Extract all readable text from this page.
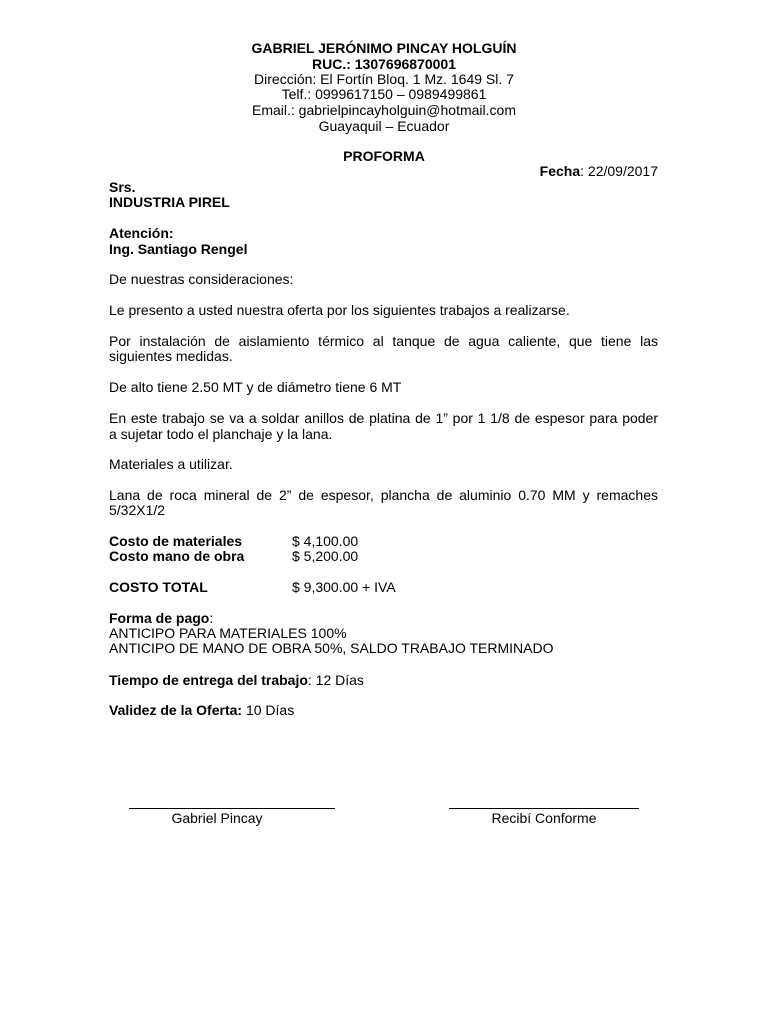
GABRIEL JERÓNIMO PINCAY HOLGUÍN
RUC.: 1307696870001
Dirección: El Fortín Bloq. 1 Mz. 1649 Sl. 7
Telf.: 0999617150 – 0989499861
Email.: gabrielpincayholguin@hotmail.com
Guayaquil – Ecuador
PROFORMA
Fecha: 22/09/2017
Srs.
INDUSTRIA PIREL
Atención:
Ing. Santiago Rengel
De nuestras consideraciones:
Le presento a usted nuestra oferta por los siguientes trabajos a realizarse.
Por instalación de aislamiento térmico al tanque de agua caliente, que tiene las
siguientes medidas.
De alto tiene 2.50 MT y de diámetro tiene 6 MT
En este trabajo se va a soldar anillos de platina de 1” por 1 1/8 de espesor para poder
a sujetar todo el planchaje y la lana.
Materiales a utilizar.
Lana de roca mineral de 2” de espesor, plancha de aluminio 0.70 MM y remaches
5/32X1/2
Costo de materiales	$ 4,100.00
Costo mano de obra	$ 5,200.00
COSTO TOTAL	$ 9,300.00 + IVA
Forma de pago:
ANTICIPO PARA MATERIALES 100%
ANTICIPO DE MANO DE OBRA 50%, SALDO TRABAJO TERMINADO
Tiempo de entrega del trabajo: 12 Días
Validez de la Oferta: 10 Días
Gabriel Pincay	Recibí Conforme
